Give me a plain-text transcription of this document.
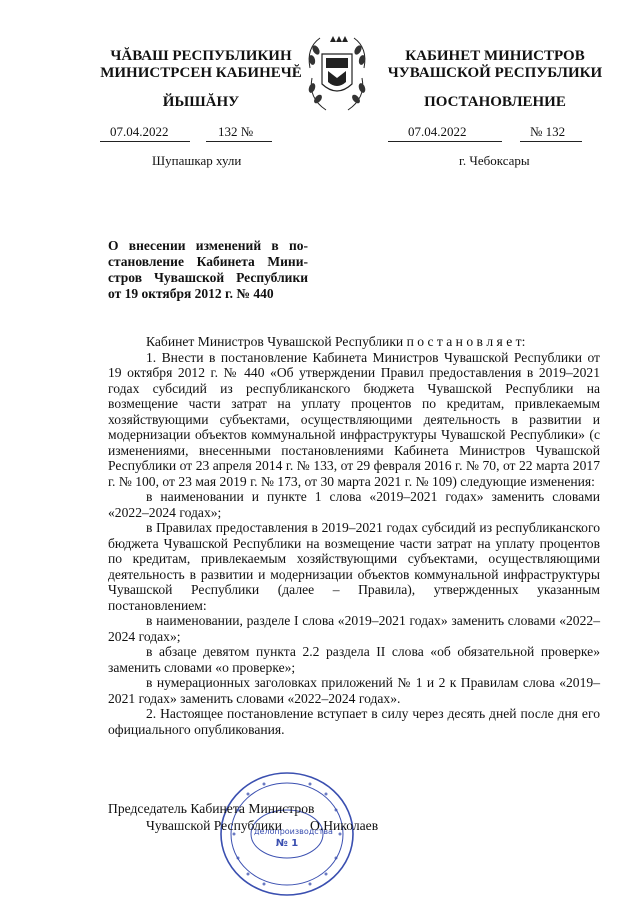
ЧĂВАШ РЕСПУБЛИКИН
МИНИСТРСЕН КАБИНЕЧĔ
ЙЫШĂНУ
КАБИНЕТ МИНИСТРОВ
ЧУВАШСКОЙ РЕСПУБЛИКИ
ПОСТАНОВЛЕНИЕ
07.04.2022	132 №	07.04.2022	№ 132
Шупашкар хули	г. Чебоксары
О внесении изменений в по-
становление Кабинета Мини-
стров Чувашской Республики
от 19 октября 2012 г. № 440

Кабинет Министров Чувашской Республики п о с т а н о в л я е т:

1. Внести в постановление Кабинета Министров Чувашской Республики от 19 октября 2012 г. № 440 «Об утверждении Правил предоставления в 2019–2021 годах субсидий из республиканского бюджета Чувашской Республики на возмещение части затрат на уплату процентов по кредитам, привлекаемым хозяйствующими субъектами, осуществляющими деятельность в развитии и модернизации объектов коммунальной инфраструктуры Чувашской Республики» (с изменениями, внесенными постановлениями Кабинета Министров Чувашской Республики от 23 апреля 2014 г. № 133, от 29 февраля 2016 г. № 70, от 22 марта 2017 г. № 100, от 23 мая 2019 г. № 173, от 30 марта 2021 г. № 109) следующие изменения:

в наименовании и пункте 1 слова «2019–2021 годах» заменить словами «2022–2024 годах»;

в Правилах предоставления в 2019–2021 годах субсидий из республиканского бюджета Чувашской Республики на возмещение части затрат на уплату процентов по кредитам, привлекаемым хозяйствующими субъектами, осуществляющими деятельность в развитии и модернизации объектов коммунальной инфраструктуры Чувашской Республики (далее – Правила), утвержденных указанным постановлением:

в наименовании, разделе I слова «2019–2021 годах» заменить словами «2022–2024 годах»;

в абзаце девятом пункта 2.2 раздела II слова «об обязательной проверке» заменить словами «о проверке»;

в нумерационных заголовках приложений № 1 и 2 к Правилам слова «2019–2021 годах» заменить словами «2022–2024 годах».

2. Настоящее постановление вступает в силу через десять дней после дня его официального опубликования.

делопроизводства
№ 1
Председатель Кабинета Министров
Чувашской Республики О.Николаев
